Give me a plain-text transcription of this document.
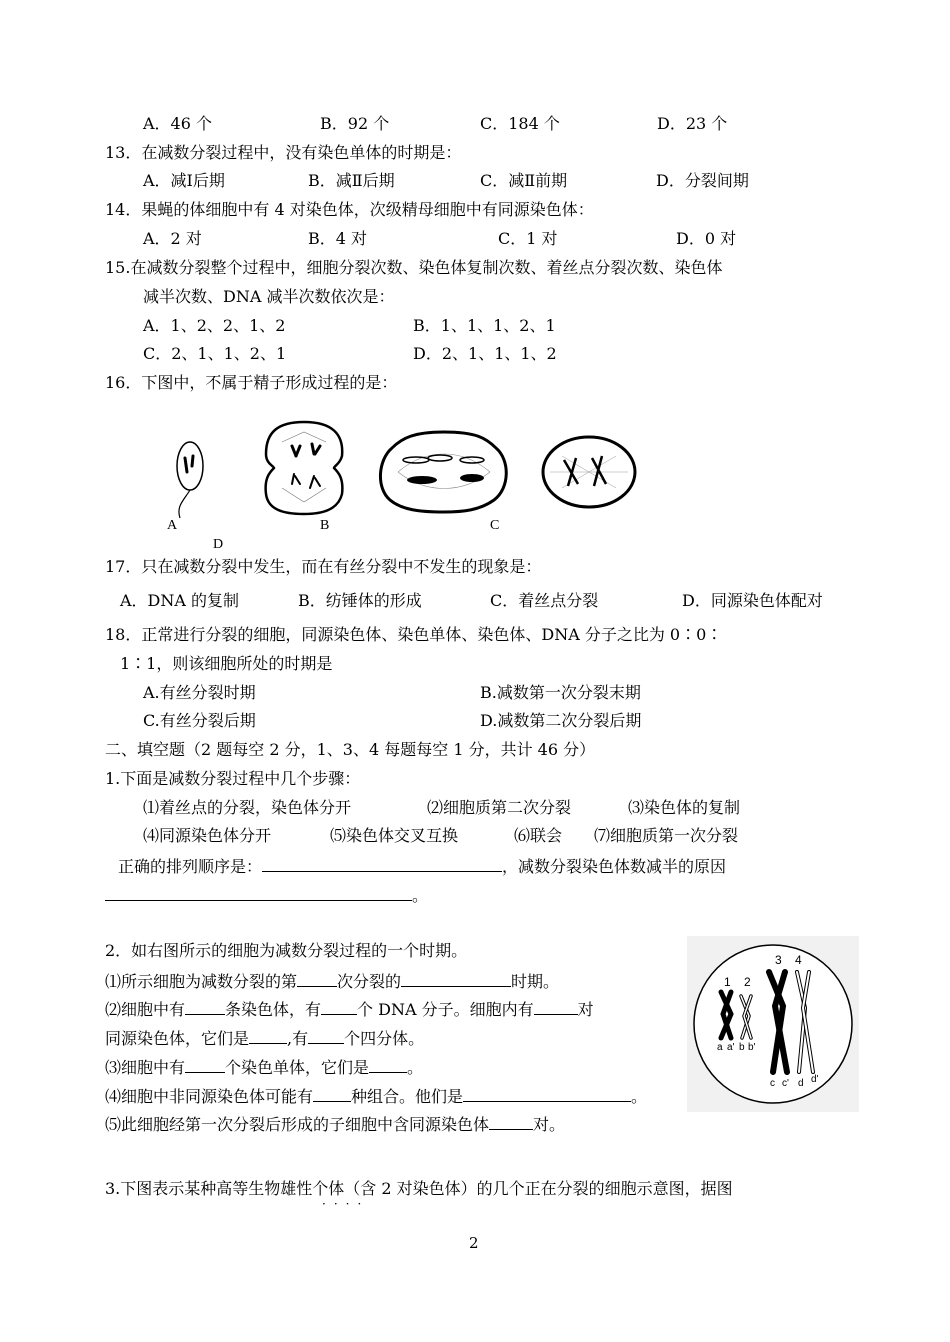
A．46 个	B．92 个	C．184 个	D．23 个
13．在减数分裂过程中，没有染色单体的时期是：
A．减Ⅰ后期	B．减Ⅱ后期	C．减Ⅱ前期	D．分裂间期
14．果蝇的体细胞中有 4 对染色体，次级精母细胞中有同源染色体：
A．2 对	B．4 对	C．1 对	D．0 对
15.在减数分裂整个过程中，细胞分裂次数、染色体复制次数、着丝点分裂次数、染色体
减半次数、DNA 减半次数依次是：
A．1、2、2、1、2	B．1、1、1、2、1
C．2、1、1、2、1	D．2、1、1、1、2
16．下图中，不属于精子形成过程的是：
A	B	C
D
17．只在减数分裂中发生，而在有丝分裂中不发生的现象是：
A．DNA 的复制	B．纺锤体的形成	C．着丝点分裂	D．同源染色体配对
18．正常进行分裂的细胞，同源染色体、染色单体、染色体、DNA 分子之比为 0∶0∶
1∶1，则该细胞所处的时期是
A.有丝分裂时期	B.减数第一次分裂末期
C.有丝分裂后期	D.减数第二次分裂后期
二、填空题（2 题每空 2 分，1、3、4 每题每空 1 分，共计 46 分）
1.下面是减数分裂过程中几个步骤：
⑴着丝点的分裂，染色体分开	⑵细胞质第二次分裂	⑶染色体的复制
⑷同源染色体分开	⑸染色体交叉互换	⑹联会 ⑺细胞质第一次分裂
正确的排列顺序是：	，减数分裂染色体数减半的原因
。
2．如右图所示的细胞为减数分裂过程的一个时期。
⑴所示细胞为减数分裂的第	次分裂的	时期。
⑵细胞中有	条染色体，有 个 DNA 分子。细胞内有	对
同源染色体，它们是 ,有 个四分体。
⑶细胞中有	个染色单体，它们是 。
⑷细胞中非同源染色体可能有 种组合。他们是	。
⑸此细胞经第一次分裂后形成的子细胞中含同源染色体	对。
1 2
3 4
a a' b b'
c c' d d'
3.下图表示某种高等生物雄性个体（含 2 对染色体）的几个正在分裂的细胞示意图，据图
····
2
